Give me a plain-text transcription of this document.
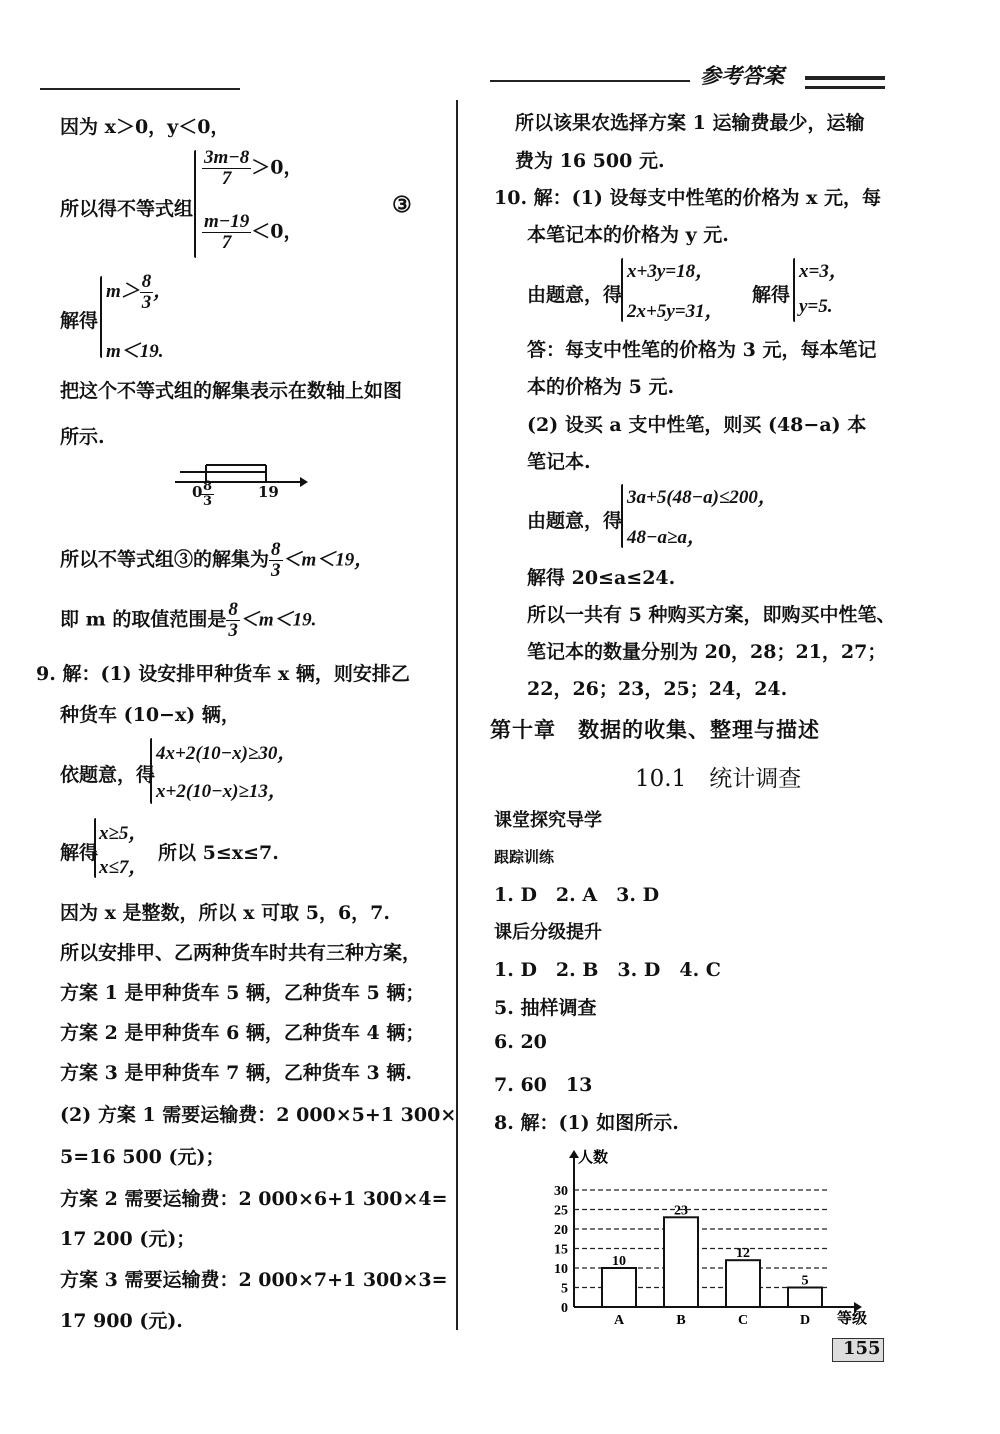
参考答案
因为 x＞0，y＜0，
所以得不等式组
$\frac{3m-8}{7} >0$，
$\frac{m-19}{7} <0$，
③
解得
$m> \frac{8}{3}$ ，
m＜19.
把这个不等式组的解集表示在数轴上如图
所示.
0
$\frac{8}{3}$	19
所以不等式组③的解集为 $\frac{8}{3} <m<19$，
即 m 的取值范围是 $\frac{8}{3} <m<19$.
9. 解：(1) 设安排甲种货车 x 辆，则安排乙
种货车 (10−x) 辆，
依题意，得
4x+2(10−x)≥30，
x+2(10−x)≥13，
解得
x≥5，
x≤7，
所以 5≤x≤7.
因为 x 是整数，所以 x 可取 5，6，7.
所以安排甲、乙两种货车时共有三种方案，
方案 1 是甲种货车 5 辆，乙种货车 5 辆；
方案 2 是甲种货车 6 辆，乙种货车 4 辆；
方案 3 是甲种货车 7 辆，乙种货车 3 辆.
(2) 方案 1 需要运输费：2 000×5+1 300×
5=16 500 (元)；
方案 2 需要运输费：2 000×6+1 300×4=
17 200 (元)；
方案 3 需要运输费：2 000×7+1 300×3=
17 900 (元).
所以该果农选择方案 1 运输费最少，运输
费为 16 500 元.
10. 解：(1) 设每支中性笔的价格为 x 元，每
本笔记本的价格为 y 元.
由题意，得
x+3y=18，
2x+5y=31，
解得
x=3，
y=5.
答：每支中性笔的价格为 3 元，每本笔记
本的价格为 5 元.
(2) 设买 a 支中性笔，则买 (48−a) 本
笔记本.
由题意，得
3a+5(48−a)≤200，
48−a≥a，
解得 20≤a≤24.
所以一共有 5 种购买方案，即购买中性笔、
笔记本的数量分别为 20，28；21，27；
22，26；23，25；24，24.
第十章　数据的收集、整理与描述
10.1　统计调查
课堂探究导学
跟踪训练
1. D　2. A　3. D
课后分级提升
1. D　2. B　3. D　4. C
5. 抽样调查
6. 20
7. 60　13
8. 解：(1) 如图所示.
0
5
10
15
20
25
30
人数
等级
10
A
23
B
12
C
5
D
155
